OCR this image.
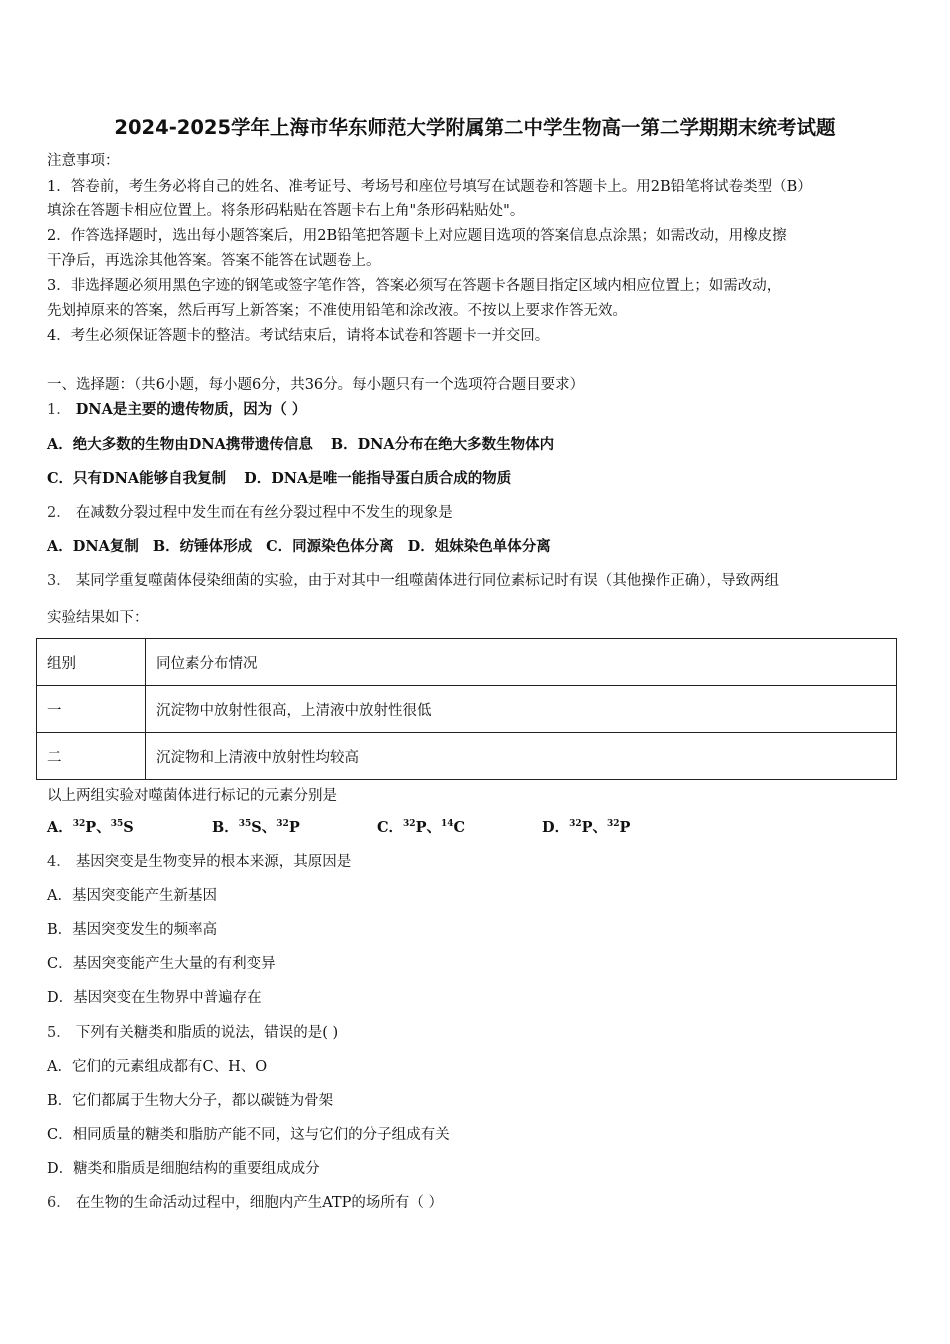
2024-2025学年上海市华东师范大学附属第二中学生物高一第二学期期末统考试题
注意事项：
1．答卷前，考生务必将自己的姓名、准考证号、考场号和座位号填写在试题卷和答题卡上。用2B铅笔将试卷类型（B）
填涂在答题卡相应位置上。将条形码粘贴在答题卡右上角"条形码粘贴处"。
2．作答选择题时，选出每小题答案后，用2B铅笔把答题卡上对应题目选项的答案信息点涂黑；如需改动，用橡皮擦
干净后，再选涂其他答案。答案不能答在试题卷上。
3．非选择题必须用黑色字迹的钢笔或签字笔作答，答案必须写在答题卡各题目指定区域内相应位置上；如需改动，
先划掉原来的答案，然后再写上新答案；不准使用铅笔和涂改液。不按以上要求作答无效。
4．考生必须保证答题卡的整洁。考试结束后，请将本试卷和答题卡一并交回。
一、选择题：（共6小题，每小题6分，共36分。每小题只有一个选项符合题目要求）
1． DNA是主要的遗传物质，因为（ ）
A．绝大多数的生物由DNA携带遗传信息 B．DNA分布在绝大多数生物体内
C．只有DNA能够自我复制 D．DNA是唯一能指导蛋白质合成的物质
2． 在减数分裂过程中发生而在有丝分裂过程中不发生的现象是
A．DNA复制 B．纺锤体形成 C．同源染色体分离 D．姐妹染色单体分离
3． 某同学重复噬菌体侵染细菌的实验，由于对其中一组噬菌体进行同位素标记时有误（其他操作正确），导致两组
实验结果如下：
组别	同位素分布情况
一	沉淀物中放射性很高，上清液中放射性很低
二	沉淀物和上清液中放射性均较高
以上两组实验对噬菌体进行标记的元素分别是
A．$^{32}$P、$^{35}$S	B．$^{35}$S、$^{32}$P	C．$^{32}$P、$^{14}$C	D．$^{32}$P、$^{32}$P
4． 基因突变是生物变异的根本来源，其原因是
A．基因突变能产生新基因
B．基因突变发生的频率高
C．基因突变能产生大量的有利变异
D．基因突变在生物界中普遍存在
5． 下列有关糖类和脂质的说法，错误的是( )
A．它们的元素组成都有C、H、O
B．它们都属于生物大分子，都以碳链为骨架
C．相同质量的糖类和脂肪产能不同，这与它们的分子组成有关
D．糖类和脂质是细胞结构的重要组成成分
6． 在生物的生命活动过程中，细胞内产生ATP的场所有（ ）
